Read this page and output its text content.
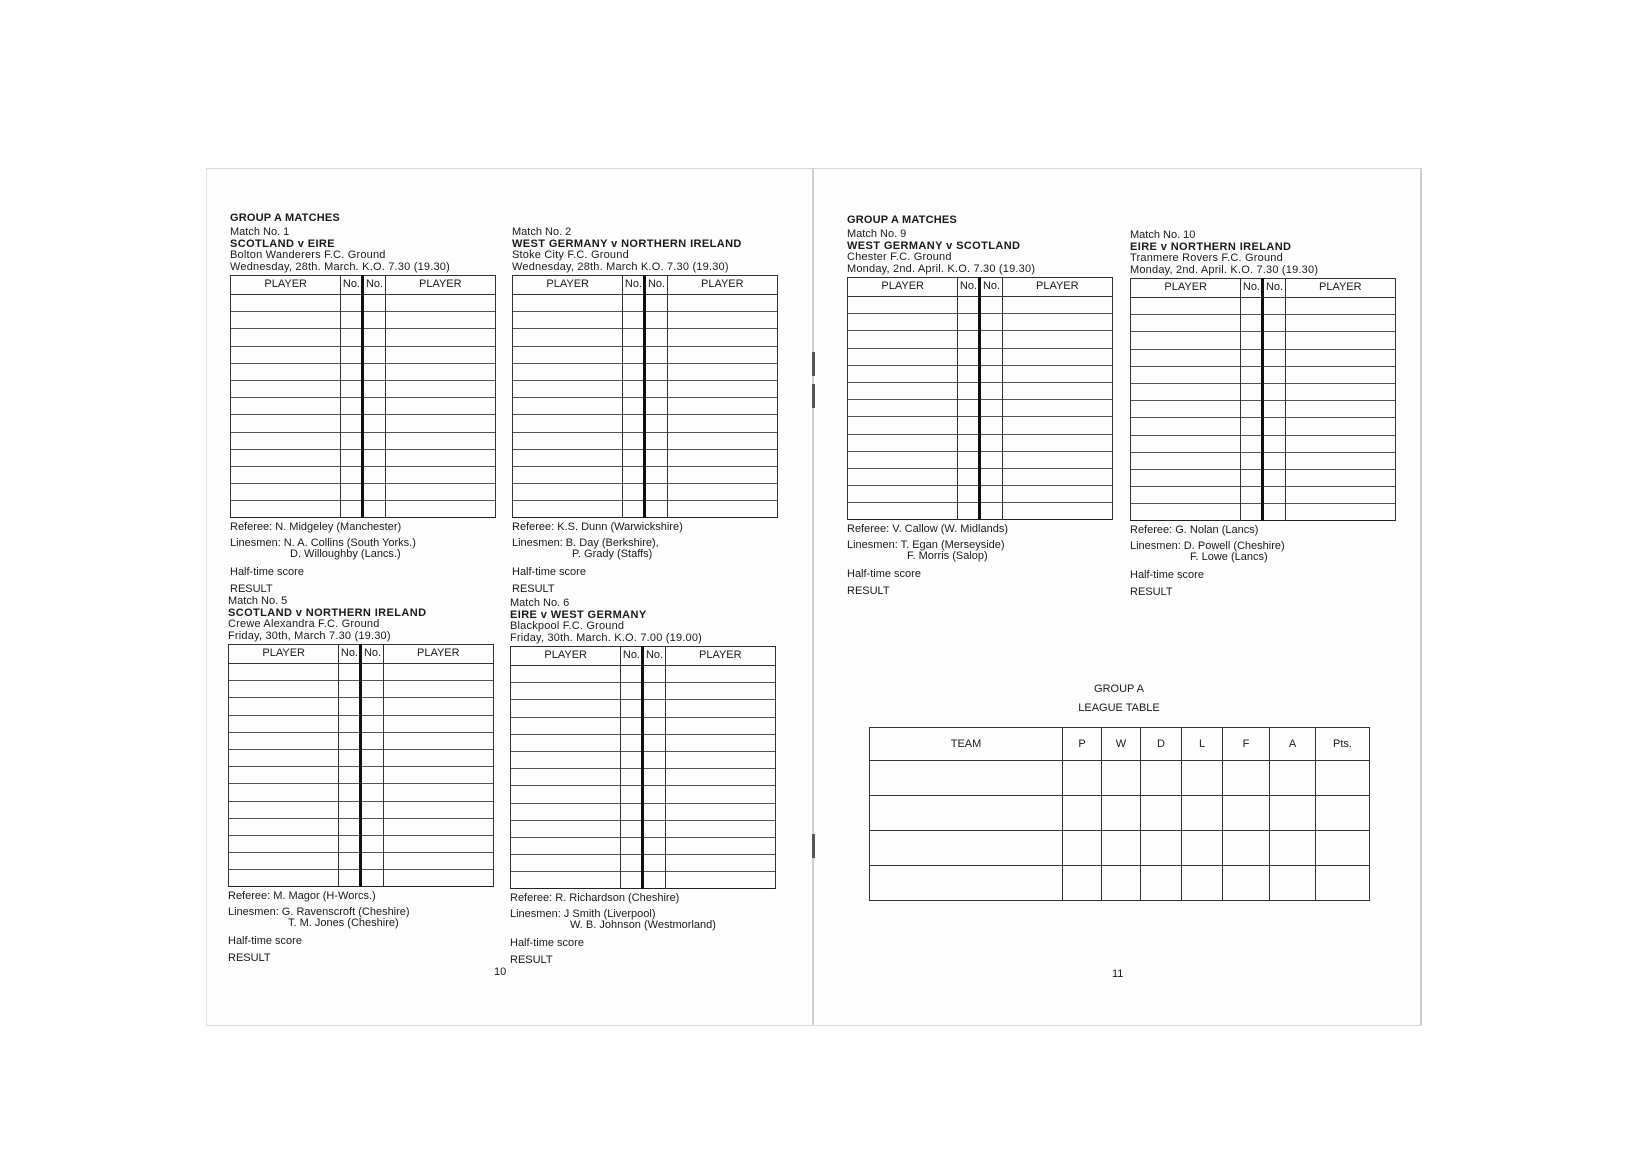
GROUP A MATCHES	GROUP A MATCHES
Match No. 1
SCOTLAND v EIRE
Bolton Wanderers F.C. Ground
Wednesday, 28th. March. K.O. 7.30 (19.30)
PLAYER	No.	No.	PLAYER

Referee: N. Midgeley (Manchester)
Linesmen: N. A. Collins (South Yorks.)
D. Willoughby (Lancs.)
Half-time score
RESULT
Match No. 2
WEST GERMANY v NORTHERN IRELAND
Stoke City F.C. Ground
Wednesday, 28th. March K.O. 7.30 (19.30)
PLAYER	No.	No.	PLAYER

Referee: K.S. Dunn (Warwickshire)
Linesmen: B. Day (Berkshire),
P. Grady (Staffs)
Half-time score
RESULT
Match No. 5
SCOTLAND v NORTHERN IRELAND
Crewe Alexandra F.C. Ground
Friday, 30th, March 7.30 (19.30)
PLAYER	No.	No.	PLAYER

Referee: M. Magor (H-Worcs.)
Linesmen: G. Ravenscroft (Cheshire)
T. M. Jones (Cheshire)
Half-time score
RESULT
Match No. 6
EIRE v WEST GERMANY
Blackpool F.C. Ground
Friday, 30th. March. K.O. 7.00 (19.00)
PLAYER	No.	No.	PLAYER

Referee: R. Richardson (Cheshire)
Linesmen: J Smith (Liverpool)
W. B. Johnson (Westmorland)
Half-time score
RESULT
Match No. 9
WEST GERMANY v SCOTLAND
Chester F.C. Ground
Monday, 2nd. April. K.O. 7.30 (19.30)
PLAYER	No.	No.	PLAYER

Referee: V. Callow (W. Midlands)
Linesmen: T. Egan (Merseyside)
F. Morris (Salop)
Half-time score
RESULT
Match No. 10
EIRE v NORTHERN IRELAND
Tranmere Rovers F.C. Ground
Monday, 2nd. April. K.O. 7.30 (19.30)
PLAYER	No.	No.	PLAYER

Referee: G. Nolan (Lancs)
Linesmen: D. Powell (Cheshire)
F. Lowe (Lancs)
Half-time score
RESULT
10	11
GROUP A
LEAGUE TABLE
TEAM	P	W	D	L	F	A	Pts.
